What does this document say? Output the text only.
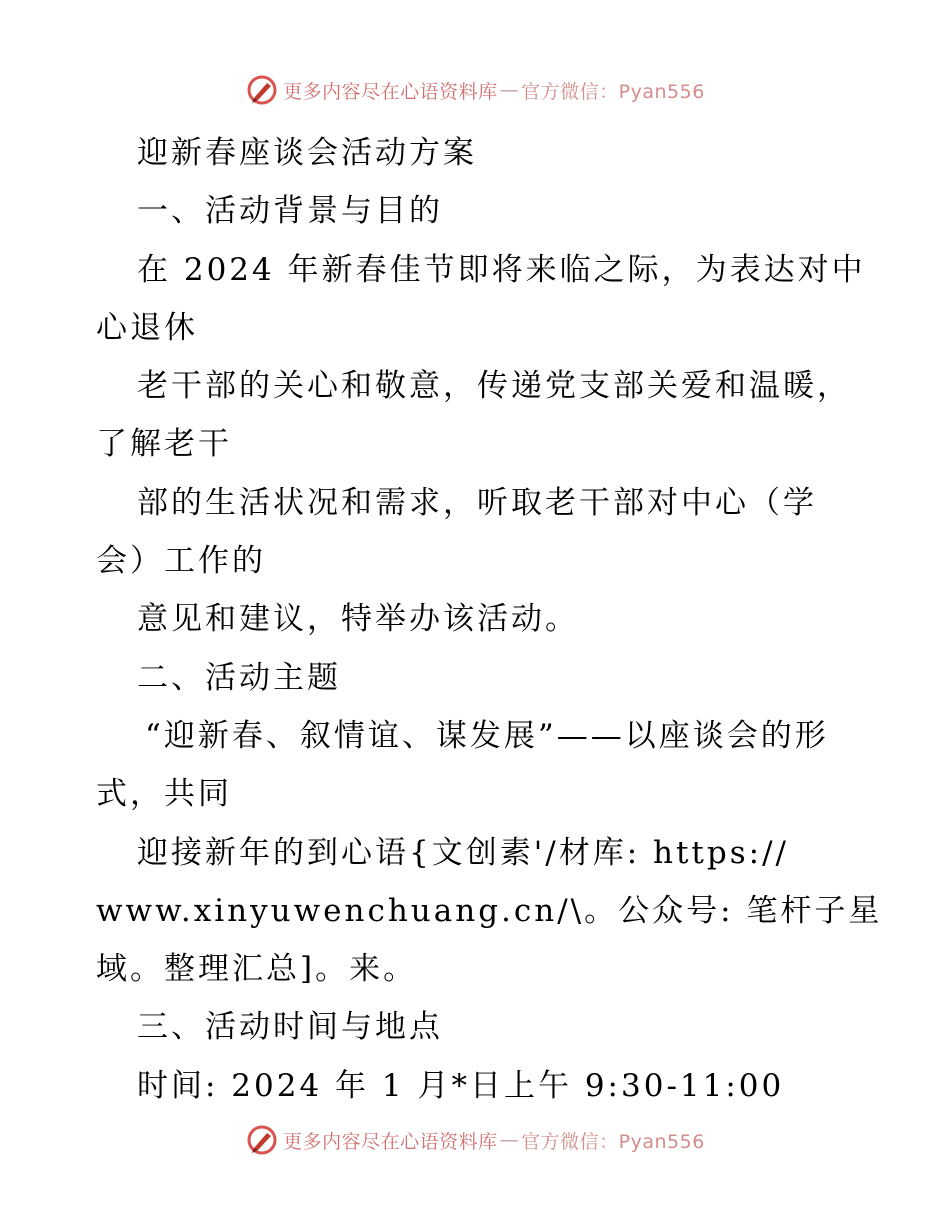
更多内容尽在心语资料库 — 官方微信：Pyan556
迎新春座谈会活动方案
一、活动背景与目的
在 2024 年新春佳节即将来临之际，为表达对中
心退休
老干部的关心和敬意，传递党支部关爱和温暖，
了解老干
部的生活状况和需求，听取老干部对中心（学
会）工作的
意见和建议，特举办该活动。
二、活动主题
“迎新春、叙情谊、谋发展”——以座谈会的形
式，共同
迎接新年的到心语{文创素'/材库: https://
www.xinyuwenchuang.cn/\。公众号: 笔杆子星
域。整理汇总]。来。
三、活动时间与地点
时间: 2024 年 1 月*日上午 9:30-11:00
更多内容尽在心语资料库 — 官方微信：Pyan556
